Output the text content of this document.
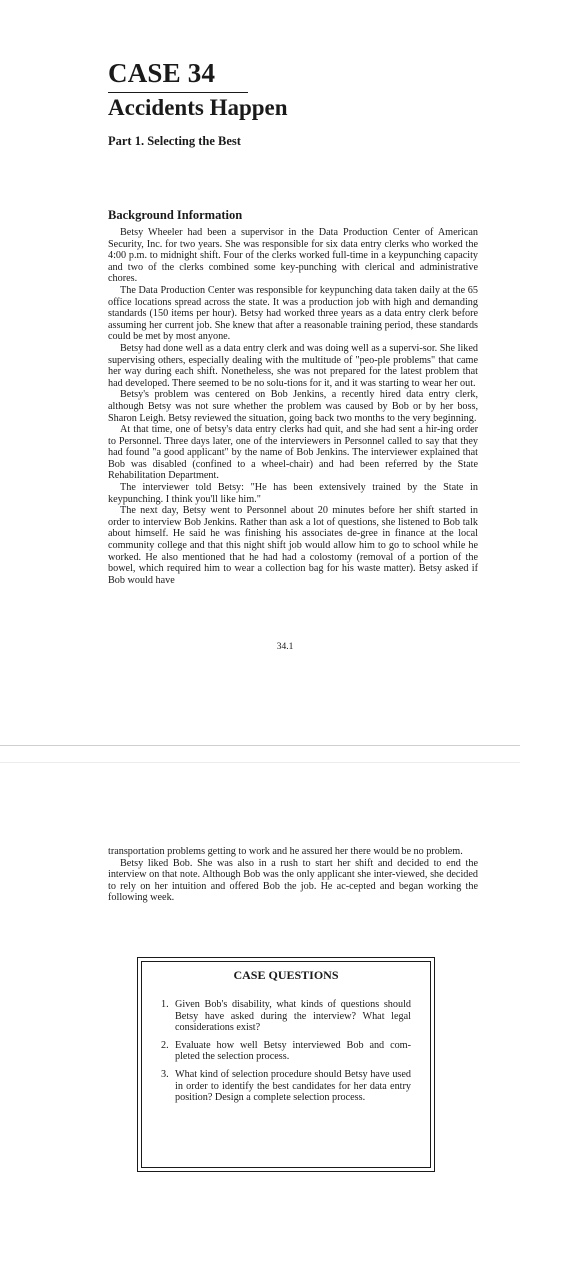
CASE 34
Accidents Happen
Part 1. Selecting the Best
Background Information

Betsy Wheeler had been a supervisor in the Data Production Center of American Security, Inc. for two years. She was responsible for six data entry clerks who worked the 4:00 p.m. to midnight shift. Four of the clerks worked full-time in a keypunching capacity and two of the clerks combined some key-punching with clerical and administrative chores.

The Data Production Center was responsible for keypunching data taken daily at the 65 office locations spread across the state. It was a production job with high and demanding standards (150 items per hour). Betsy had worked three years as a data entry clerk before assuming her current job. She knew that after a reasonable training period, these standards could be met by most anyone.

Betsy had done well as a data entry clerk and was doing well as a supervi-sor. She liked supervising others, especially dealing with the multitude of "peo-ple problems" that came her way during each shift. Nonetheless, she was not prepared for the latest problem that had developed. There seemed to be no solu-tions for it, and it was starting to wear her out.

Betsy's problem was centered on Bob Jenkins, a recently hired data entry clerk, although Betsy was not sure whether the problem was caused by Bob or by her boss, Sharon Leigh. Betsy reviewed the situation, going back two months to the very beginning.

At that time, one of betsy's data entry clerks had quit, and she had sent a hir-ing order to Personnel. Three days later, one of the interviewers in Personnel called to say that they had found "a good applicant" by the name of Bob Jenkins. The interviewer explained that Bob was disabled (confined to a wheel-chair) and had been referred by the State Rehabilitation Department.

The interviewer told Betsy: "He has been extensively trained by the State in keypunching. I think you'll like him."

The next day, Betsy went to Personnel about 20 minutes before her shift started in order to interview Bob Jenkins. Rather than ask a lot of questions, she listened to Bob talk about himself. He said he was finishing his associates de-gree in finance at the local community college and that this night shift job would allow him to go to school while he worked. He also mentioned that he had had a colostomy (removal of a portion of the bowel, which required him to wear a collection bag for his waste matter). Betsy asked if Bob would have

34.1

transportation problems getting to work and he assured her there would be no problem.

Betsy liked Bob. She was also in a rush to start her shift and decided to end the interview on that note. Although Bob was the only applicant she inter-viewed, she decided to rely on her intuition and offered Bob the job. He ac-cepted and began working the following week.

CASE QUESTIONS
1. Given Bob's disability, what kinds of questions should Betsy have asked during the interview? What legal considerations exist?
2. Evaluate how well Betsy interviewed Bob and com-pleted the selection process.
3. What kind of selection procedure should Betsy have used in order to identify the best candidates for her data entry position? Design a complete selection process.
